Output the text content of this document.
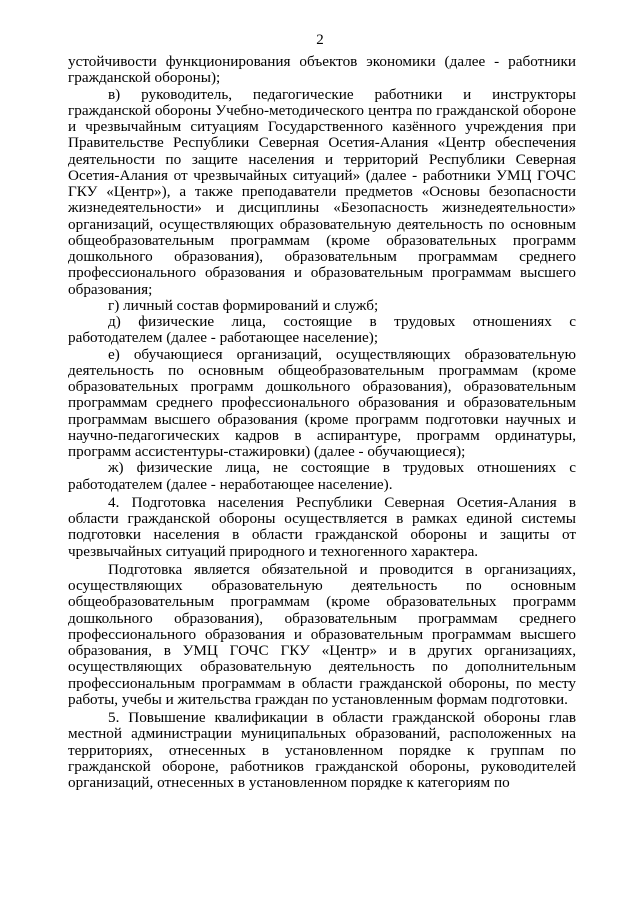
2

устойчивости функционирования объектов экономики (далее - работники гражданской обороны);

в) руководитель, педагогические работники и инструкторы гражданской обороны Учебно-методического центра по гражданской обороне и чрезвычайным ситуациям Государственного казённого учреждения при Правительстве Республики Северная Осетия-Алания «Центр обеспечения деятельности по защите населения и территорий Республики Северная Осетия-Алания от чрезвычайных ситуаций» (далее - работники УМЦ ГОЧС ГКУ «Центр»), а также преподаватели предметов «Основы безопасности жизнедеятельности» и дисциплины «Безопасность жизнедеятельности» организаций, осуществляющих образовательную деятельность по основным общеобразовательным программам (кроме образовательных программ дошкольного образования), образовательным программам среднего профессионального образования и образовательным программам высшего образования;

г) личный состав формирований и служб;

д) физические лица, состоящие в трудовых отношениях с работодателем (далее - работающее население);

е) обучающиеся организаций, осуществляющих образовательную деятельность по основным общеобразовательным программам (кроме образовательных программ дошкольного образования), образовательным программам среднего профессионального образования и образовательным программам высшего образования (кроме программ подготовки научных и научно-педагогических кадров в аспирантуре, программ ординатуры, программ ассистентуры-стажировки) (далее - обучающиеся);

ж) физические лица, не состоящие в трудовых отношениях с работодателем (далее - неработающее население).

4. Подготовка населения Республики Северная Осетия-Алания в области гражданской обороны осуществляется в рамках единой системы подготовки населения в области гражданской обороны и защиты от чрезвычайных ситуаций природного и техногенного характера.

Подготовка является обязательной и проводится в организациях, осуществляющих образовательную деятельность по основным общеобразовательным программам (кроме образовательных программ дошкольного образования), образовательным программам среднего профессионального образования и образовательным программам высшего образования, в УМЦ ГОЧС ГКУ «Центр» и в других организациях, осуществляющих образовательную деятельность по дополнительным профессиональным программам в области гражданской обороны, по месту работы, учебы и жительства граждан по установленным формам подготовки.

5. Повышение квалификации в области гражданской обороны глав местной администрации муниципальных образований, расположенных на территориях, отнесенных в установленном порядке к группам по гражданской обороне, работников гражданской обороны, руководителей организаций, отнесенных в установленном порядке к категориям по
